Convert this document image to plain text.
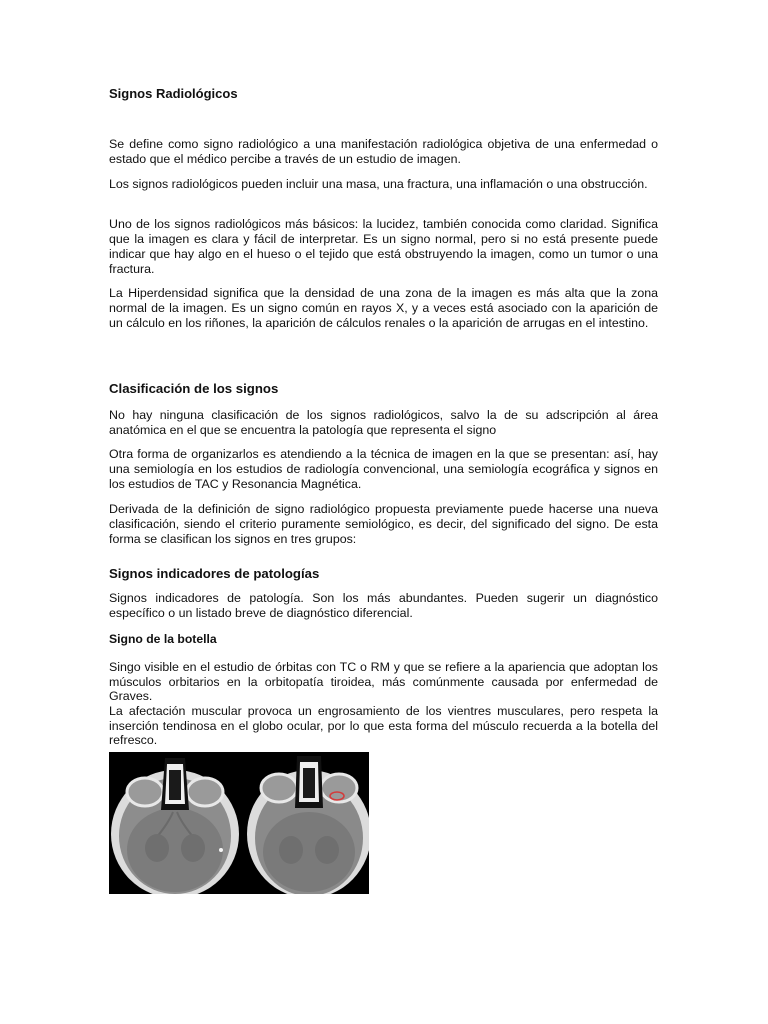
Signos Radiológicos

Se define como signo radiológico a una manifestación radiológica objetiva de una enfermedad o estado que el médico percibe a través de un estudio de imagen.

Los signos radiológicos pueden incluir una masa, una fractura, una inflamación o una obstrucción.

Uno de los signos radiológicos más básicos: la lucidez, también conocida como claridad. Significa que la imagen es clara y fácil de interpretar. Es un signo normal, pero si no está presente puede indicar que hay algo en el hueso o el tejido que está obstruyendo la imagen, como un tumor o una fractura.

La Hiperdensidad significa que la densidad de una zona de la imagen es más alta que la zona normal de la imagen. Es un signo común en rayos X, y a veces está asociado con la aparición de un cálculo en los riñones, la aparición de cálculos renales o la aparición de arrugas en el intestino.

Clasificación de los signos

No hay ninguna clasificación de los signos radiológicos, salvo la de su adscripción al área anatómica en el que se encuentra la patología que representa el signo

Otra forma de organizarlos es atendiendo a la técnica de imagen en la que se presentan: así, hay una semiología en los estudios de radiología convencional, una semiología ecográfica y signos en los estudios de TAC y Resonancia Magnética.

Derivada de la definición de signo radiológico propuesta previamente puede hacerse una nueva clasificación, siendo el criterio puramente semiológico, es decir, del significado del signo. De esta forma se clasifican los signos en tres grupos:

Signos indicadores de patologías

Signos indicadores de patología. Son los más abundantes. Pueden sugerir un diagnóstico específico o un listado breve de diagnóstico diferencial.

Signo de la botella

Singo visible en el estudio de órbitas con TC o RM y que se refiere a la apariencia que adoptan los músculos orbitarios en la orbitopatía tiroidea, más comúnmente causada por enfermedad de Graves.

La afectación muscular provoca un engrosamiento de los vientres musculares, pero respeta la inserción tendinosa en el globo ocular, por lo que esta forma del músculo recuerda a la botella del refresco.
